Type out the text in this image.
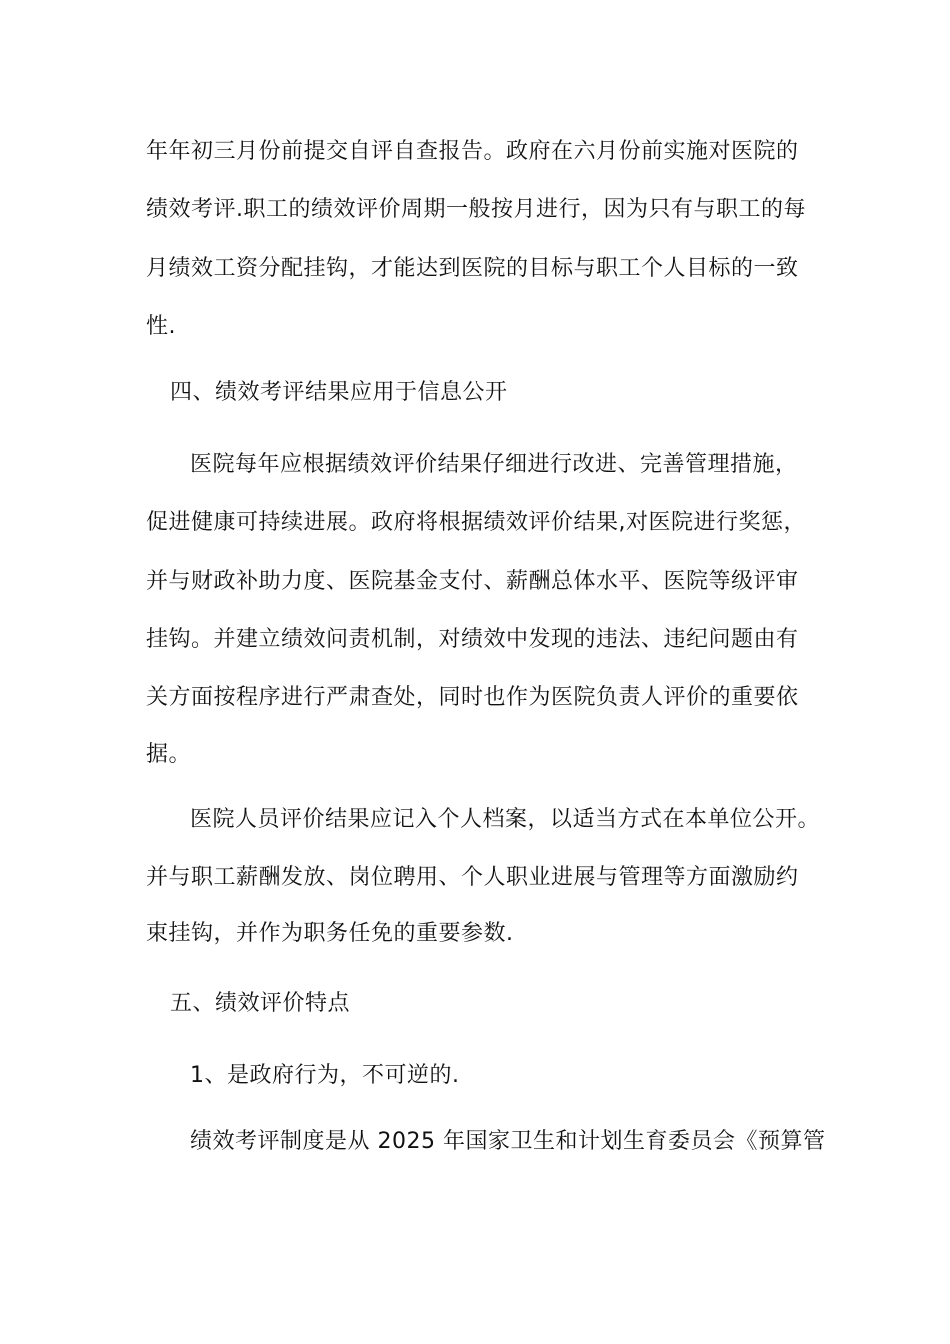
年年初三月份前提交自评自查报告。政府在六月份前实施对医院的
绩效考评.职工的绩效评价周期一般按月进行，因为只有与职工的每
月绩效工资分配挂钩，才能达到医院的目标与职工个人目标的一致
性.
四、绩效考评结果应用于信息公开
医院每年应根据绩效评价结果仔细进行改进、完善管理措施，
促进健康可持续进展。政府将根据绩效评价结果,对医院进行奖惩，
并与财政补助力度、医院基金支付、薪酬总体水平、医院等级评审
挂钩。并建立绩效问责机制，对绩效中发现的违法、违纪问题由有
关方面按程序进行严肃查处，同时也作为医院负责人评价的重要依
据。
医院人员评价结果应记入个人档案，以适当方式在本单位公开。
并与职工薪酬发放、岗位聘用、个人职业进展与管理等方面激励约
束挂钩，并作为职务任免的重要参数.
五、绩效评价特点
1、是政府行为，不可逆的.
绩效考评制度是从 2025 年国家卫生和计划生育委员会《预算管
